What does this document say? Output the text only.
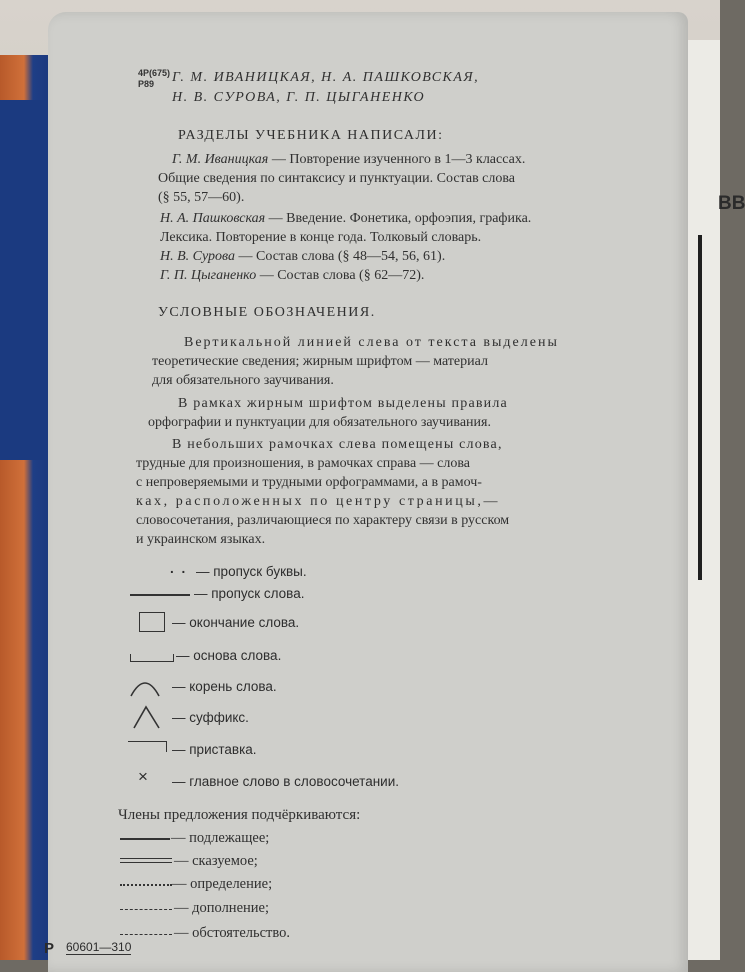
ВВ
4Р(675)
Р89 Г. М. ИВАНИЦКАЯ, Н. А. ПАШКОВСКАЯ,
Н. В. СУРОВА, Г. П. ЦЫГАНЕНКО
РАЗДЕЛЫ УЧЕБНИКА НАПИСАЛИ:
Г. М. Иваницкая — Повторение изученного в 1—3 классах.
Общие сведения по синтаксису и пунктуации. Состав слова
(§ 55, 57—60).
Н. А. Пашковская — Введение. Фонетика, орфоэпия, графика.
Лексика. Повторение в конце года. Толковый словарь.
Н. В. Сурова — Состав слова (§ 48—54, 56, 61).
Г. П. Цыганенко — Состав слова (§ 62—72).
УСЛОВНЫЕ ОБОЗНАЧЕНИЯ.
Вертикальной линией слева от текста выделены
теоретические сведения; жирным шрифтом — материал
для обязательного заучивания.
В рамках жирным шрифтом выделены правила
орфографии и пунктуации для обязательного заучивания.
В небольших рамочках слева помещены слова,
трудные для произношения, в рамочках справа — слова
с непроверяемыми и трудными орфограммами, а в рамоч-
ках, расположенных по центру страницы,—
словосочетания, различающиеся по характеру связи в русском
и украинском языках.
. . — пропуск буквы.
— пропуск слова.
— окончание слова.
— основа слова.
— корень слова.
— суффикс.
— приставка.
× — главное слово в словосочетании.
Члены предложения подчёркиваются:
— подлежащее;
— сказуемое;
— определение;
— дополнение;
— обстоятельство.
Р 60601—310
